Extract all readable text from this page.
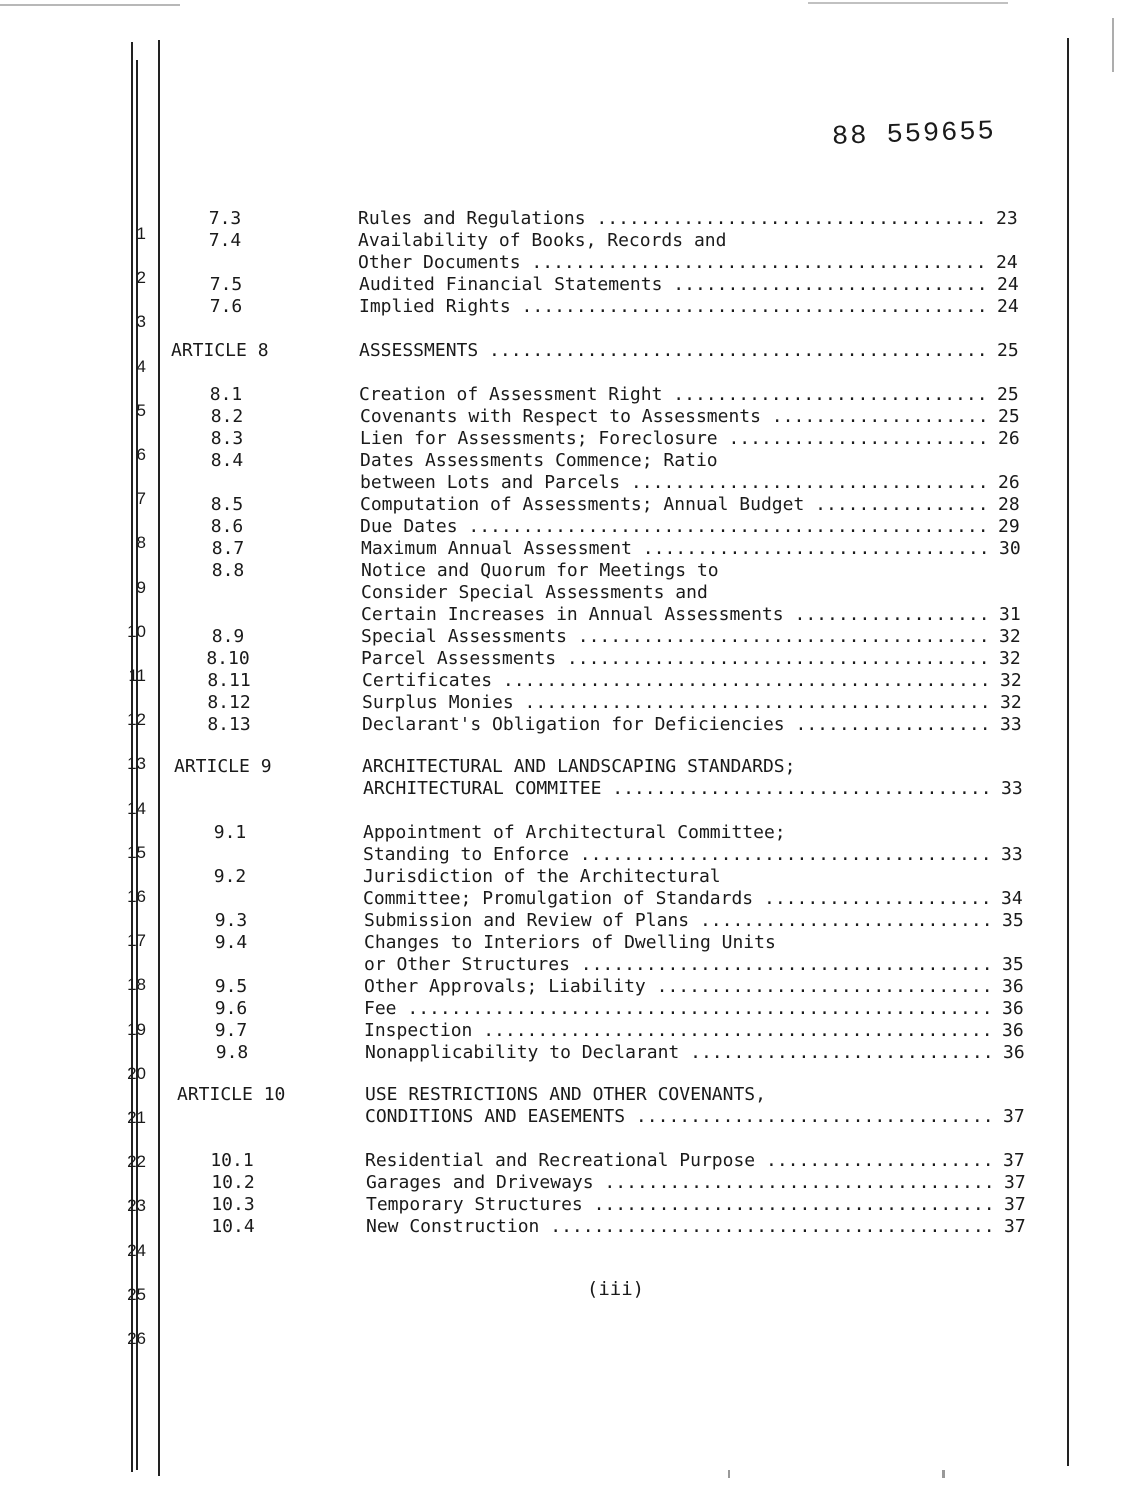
88 559655
1
2
3
4
5
6
7
8
9
10
11
12
13
14
15
16
17
18
19
20
21
22
23
24
25
26
7.3	Rules and Regulations .....	23
7.4	Availability of Books, Records and
Other Documents .....	24
7.5	Audited Financial Statements .....	24
7.6	Implied Rights .....	24
ARTICLE 8	ASSESSMENTS .....	25
8.1	Creation of Assessment Right .....	25
8.2	Covenants with Respect to Assessments .....	25
8.3	Lien for Assessments; Foreclosure .....	26
8.4	Dates Assessments Commence; Ratio
between Lots and Parcels .....	26
8.5	Computation of Assessments; Annual Budget .....	28
8.6	Due Dates .....	29
8.7	Maximum Annual Assessment .....	30
8.8	Notice and Quorum for Meetings to
Consider Special Assessments and
Certain Increases in Annual Assessments .....	31
8.9	Special Assessments .....	32
8.10	Parcel Assessments .....	32
8.11	Certificates .....	32
8.12	Surplus Monies .....	32
8.13	Declarant's Obligation for Deficiencies .....	33
ARTICLE 9	ARCHITECTURAL AND LANDSCAPING STANDARDS;
ARCHITECTURAL COMMITEE .....	33
9.1	Appointment of Architectural Committee;
Standing to Enforce .....	33
9.2	Jurisdiction of the Architectural
Committee; Promulgation of Standards .....	34
9.3	Submission and Review of Plans .....	35
9.4	Changes to Interiors of Dwelling Units
or Other Structures .....	35
9.5	Other Approvals; Liability .....	36
9.6	Fee .....	36
9.7	Inspection .....	36
9.8	Nonapplicability to Declarant .....	36
ARTICLE 10	USE RESTRICTIONS AND OTHER COVENANTS,
CONDITIONS AND EASEMENTS .....	37
10.1	Residential and Recreational Purpose .....	37
10.2	Garages and Driveways .....	37
10.3	Temporary Structures .....	37
10.4	New Construction .....	37
(iii)
